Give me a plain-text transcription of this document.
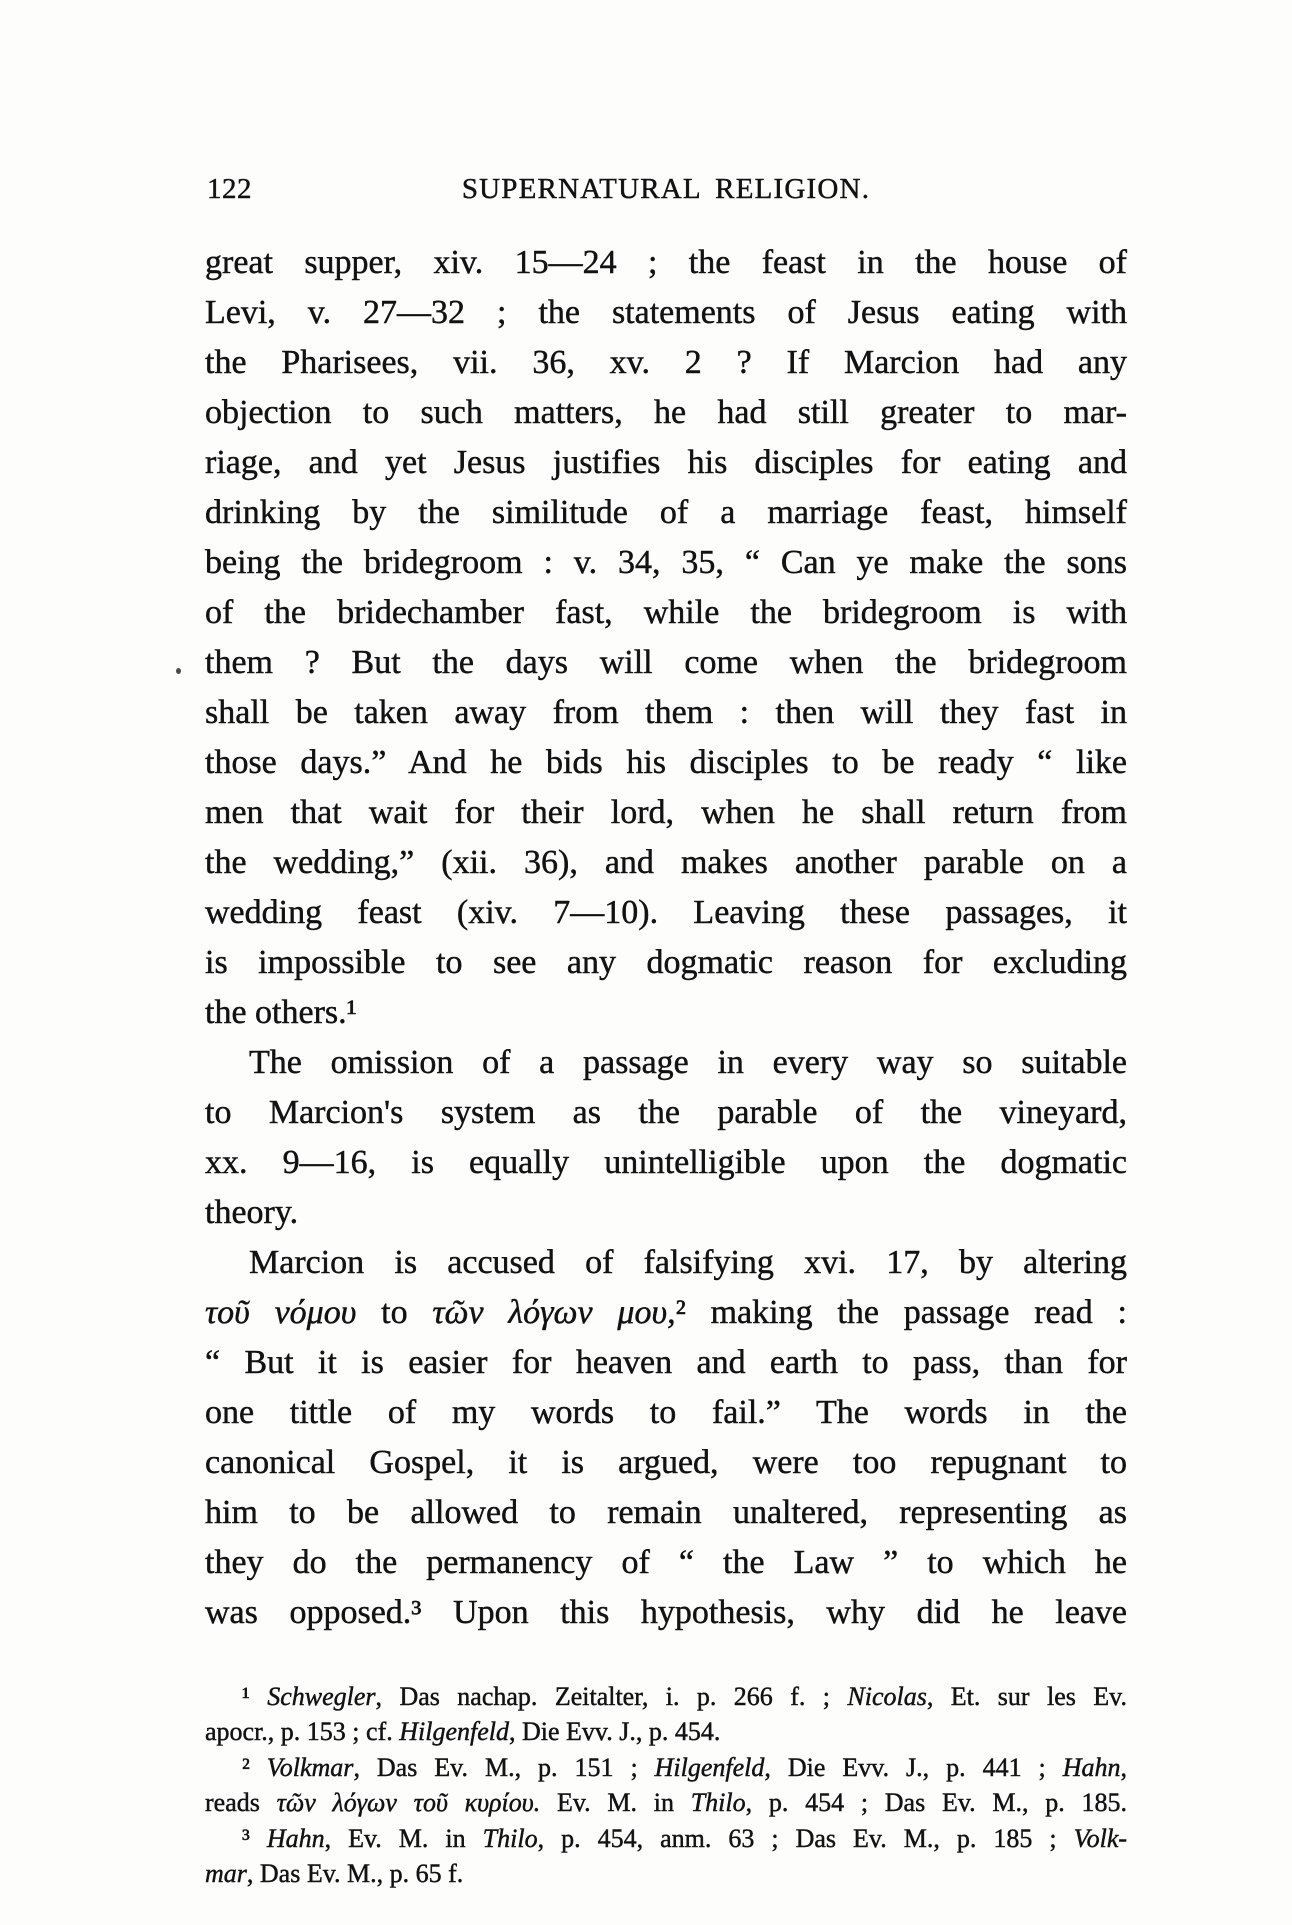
122	SUPERNATURAL RELIGION.
great supper, xiv. 15—24 ; the feast in the house of
Levi, v. 27—32 ; the statements of Jesus eating with
the Pharisees, vii. 36, xv. 2 ? If Marcion had any
objection to such matters, he had still greater to mar-
riage, and yet Jesus justifies his disciples for eating and
drinking by the similitude of a marriage feast, himself
being the bridegroom : v. 34, 35, “ Can ye make the sons
of the bridechamber fast, while the bridegroom is with
them ? But the days will come when the bridegroom
shall be taken away from them : then will they fast in
those days.” And he bids his disciples to be ready “ like
men that wait for their lord, when he shall return from
the wedding,” (xii. 36), and makes another parable on a
wedding feast (xiv. 7—10). Leaving these passages, it
is impossible to see any dogmatic reason for excluding
the others.¹
The omission of a passage in every way so suitable
to Marcion's system as the parable of the vineyard,
xx. 9—16, is equally unintelligible upon the dogmatic
theory.
Marcion is accused of falsifying xvi. 17, by altering
τοῦ νόμου to τῶν λόγων μου,² making the passage read :
“ But it is easier for heaven and earth to pass, than for
one tittle of my words to fail.” The words in the
canonical Gospel, it is argued, were too repugnant to
him to be allowed to remain unaltered, representing as
they do the permanency of “ the Law ” to which he
was opposed.³ Upon this hypothesis, why did he leave
¹ Schwegler, Das nachap. Zeitalter, i. p. 266 f. ; Nicolas, Et. sur les Ev.
apocr., p. 153 ; cf. Hilgenfeld, Die Evv. J., p. 454.
² Volkmar, Das Ev. M., p. 151 ; Hilgenfeld, Die Evv. J., p. 441 ; Hahn,
reads τῶν λόγων τοῦ κυρίου. Ev. M. in Thilo, p. 454 ; Das Ev. M., p. 185.
³ Hahn, Ev. M. in Thilo, p. 454, anm. 63 ; Das Ev. M., p. 185 ; Volk-
mar, Das Ev. M., p. 65 f.
